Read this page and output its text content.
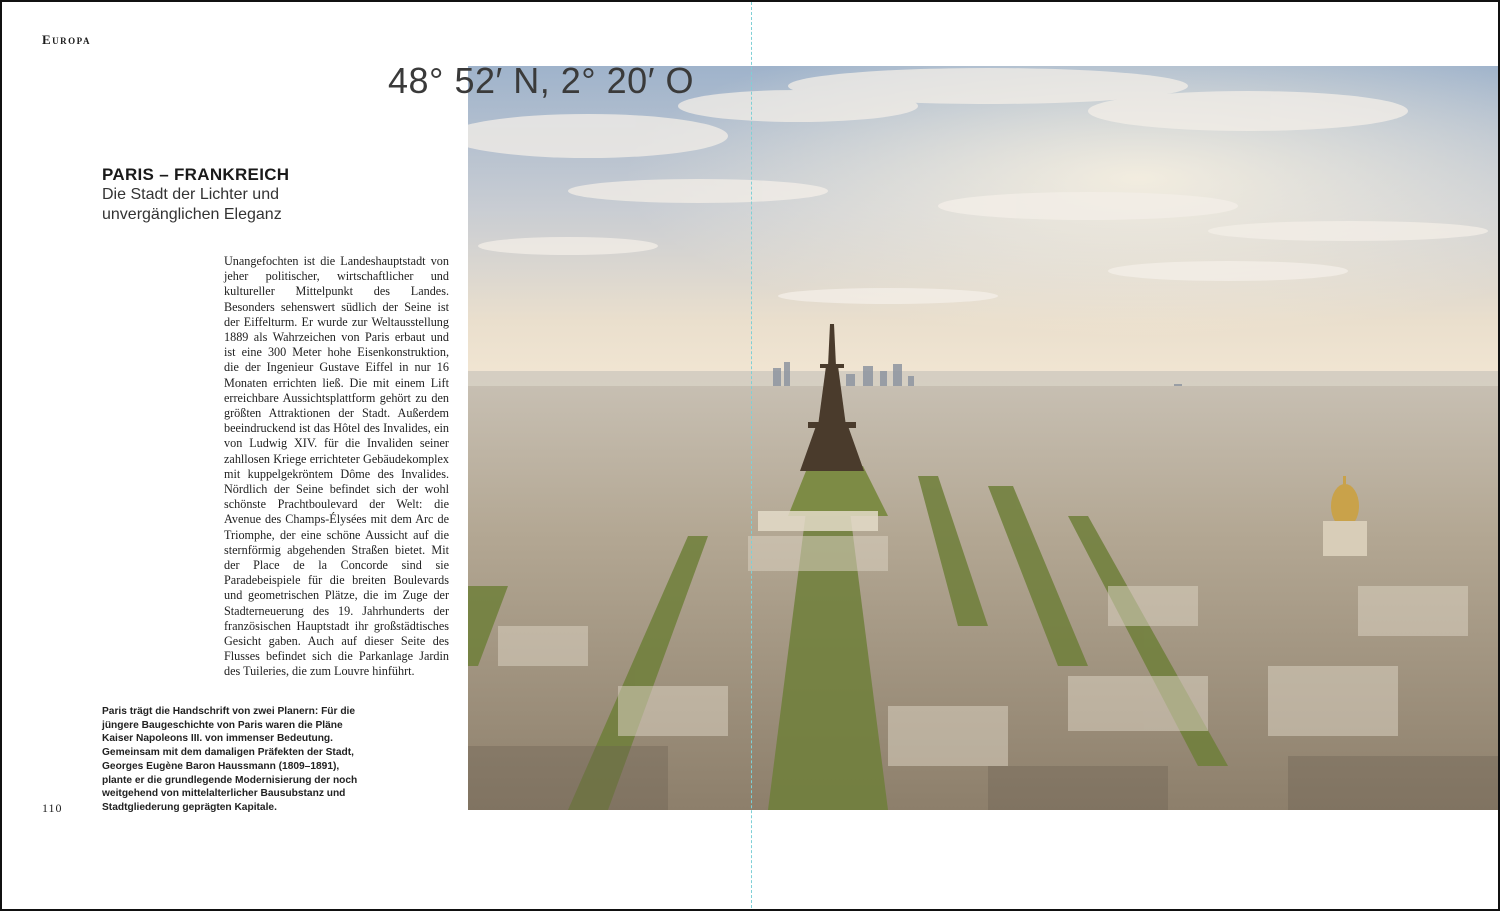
Europa
48° 52′ N, 2° 20′ O
PARIS – FRANKREICH
Die Stadt der Lichter und unvergänglichen Eleganz
Unangefochten ist die Landeshauptstadt von jeher politischer, wirtschaftlicher und kultureller Mittelpunkt des Landes. Besonders sehenswert südlich der Seine ist der Eiffelturm. Er wurde zur Weltausstellung 1889 als Wahrzeichen von Paris erbaut und ist eine 300 Meter hohe Eisenkonstruktion, die der Ingenieur Gustave Eiffel in nur 16 Monaten errichten ließ. Die mit einem Lift erreichbare Aussichtsplattform gehört zu den größten Attraktionen der Stadt. Außerdem beeindruckend ist das Hôtel des Invalides, ein von Ludwig XIV. für die Invaliden seiner zahllosen Kriege errichteter Gebäudekomplex mit kuppelgekröntem Dôme des Invalides. Nördlich der Seine befindet sich der wohl schönste Prachtboulevard der Welt: die Avenue des Champs-Élysées mit dem Arc de Triomphe, der eine schöne Aussicht auf die sternförmig abgehenden Straßen bietet. Mit der Place de la Concorde sind sie Paradebeispiele für die breiten Boulevards und geometrischen Plätze, die im Zuge der Stadterneuerung des 19. Jahrhunderts der französischen Hauptstadt ihr großstädtisches Gesicht gaben. Auch auf dieser Seite des Flusses befindet sich die Parkanlage Jardin des Tuileries, die zum Louvre hinführt.
Paris trägt die Handschrift von zwei Planern: Für die jüngere Baugeschichte von Paris waren die Pläne Kaiser Napoleons III. von immenser Bedeutung. Gemeinsam mit dem damaligen Präfekten der Stadt, Georges Eugène Baron Haussmann (1809–1891), plante er die grundlegende Modernisierung der noch weitgehend von mittelalterlicher Bausubstanz und Stadtgliederung geprägten Kapitale.
110
